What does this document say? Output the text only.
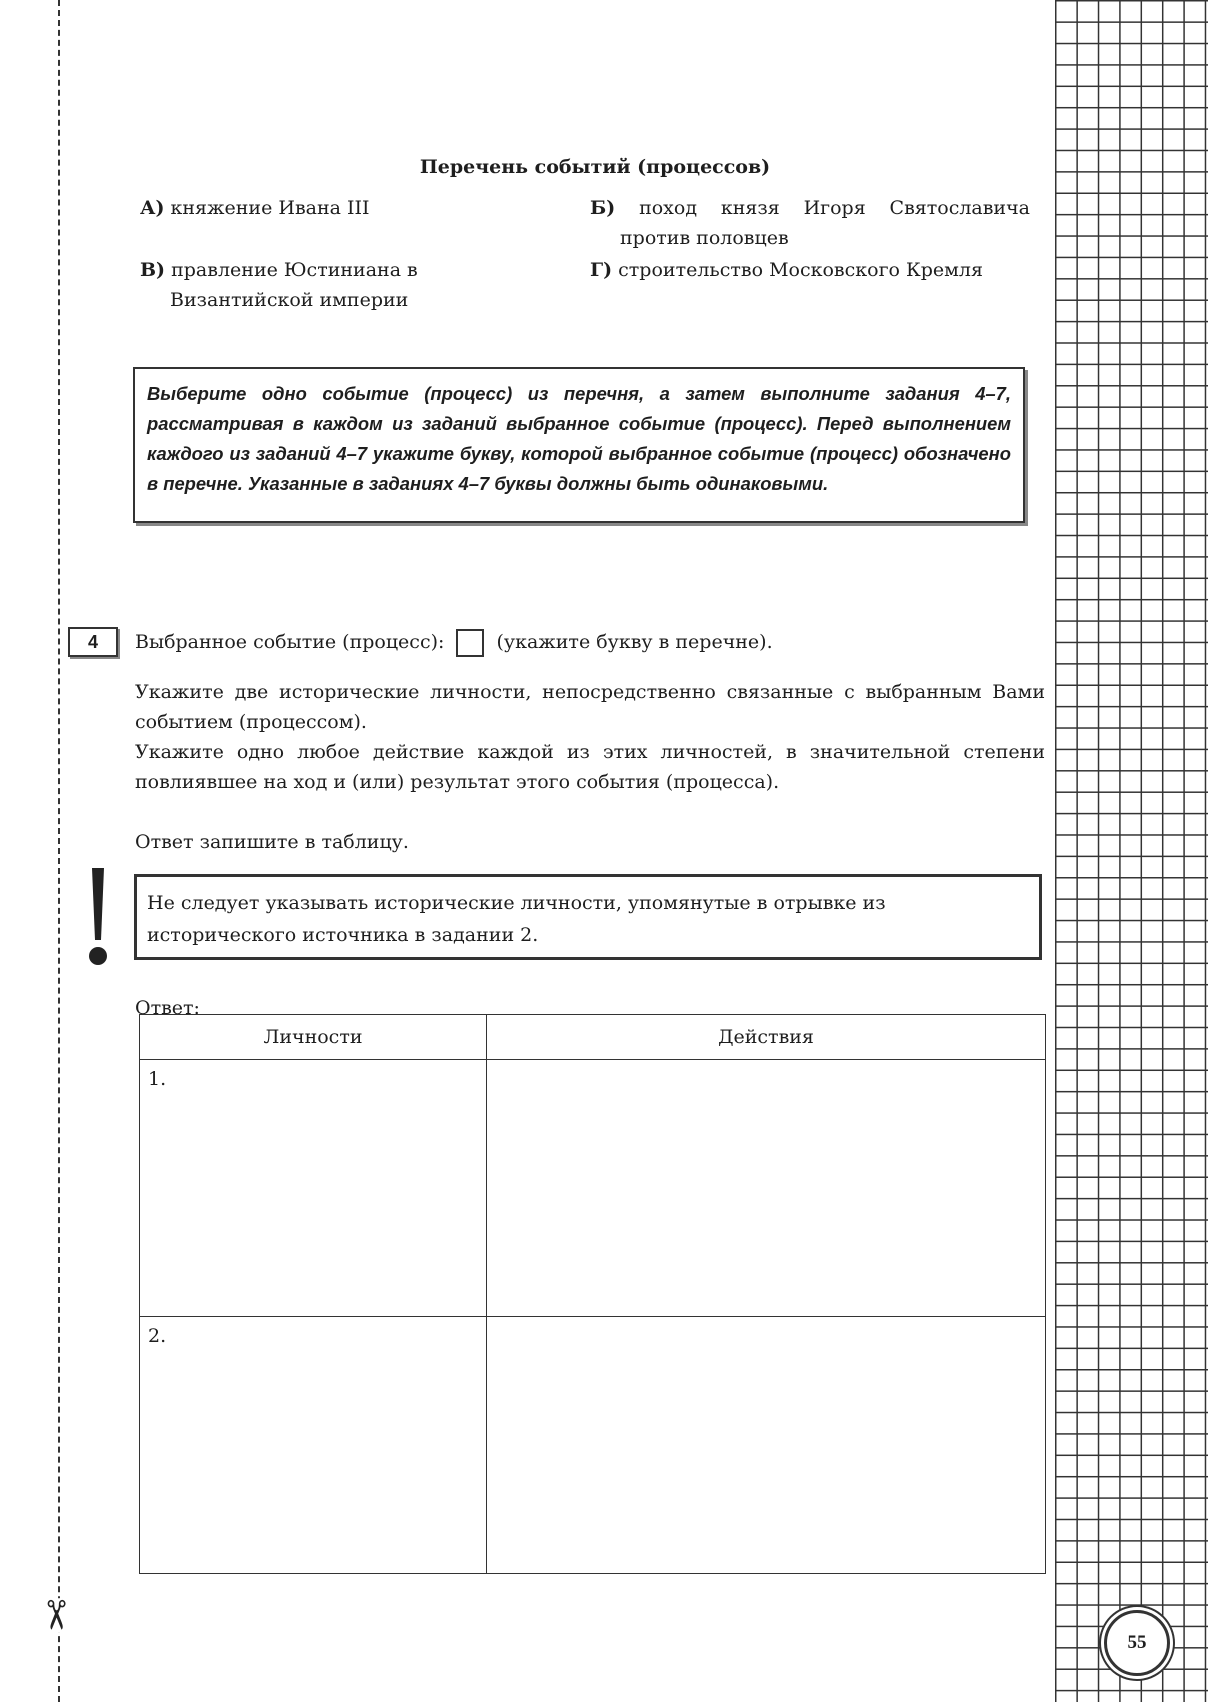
✂
55
Перечень событий (процессов)
А) княжение Ивана III	Б) поход князя Игоря Святославича против половцев
В) правление Юстиниана в Византийской империи
Г) строительство Московского Кремля
Выберите одно событие (процесс) из перечня, а затем выполните задания 4–7, рассматривая в каждом из заданий выбранное событие (процесс). Перед выполнением каждого из заданий 4–7 укажите букву, которой выбранное событие (процесс) обозначено в перечне. Указанные в заданиях 4–7 буквы должны быть одинаковыми.
4	Выбранное событие (процесс):	(укажите букву в перечне).
Укажите две исторические личности, непосредственно связанные с выбранным Вами событием (процессом).
Укажите одно любое действие каждой из этих личностей, в значительной степени повлиявшее на ход и (или) результат этого события (процесса).
Ответ запишите в таблицу.
Не следует указывать исторические личности, упомянутые в отрывке из исторического источника в задании 2.
Ответ:
Личности	Действия
1.	
2.	
